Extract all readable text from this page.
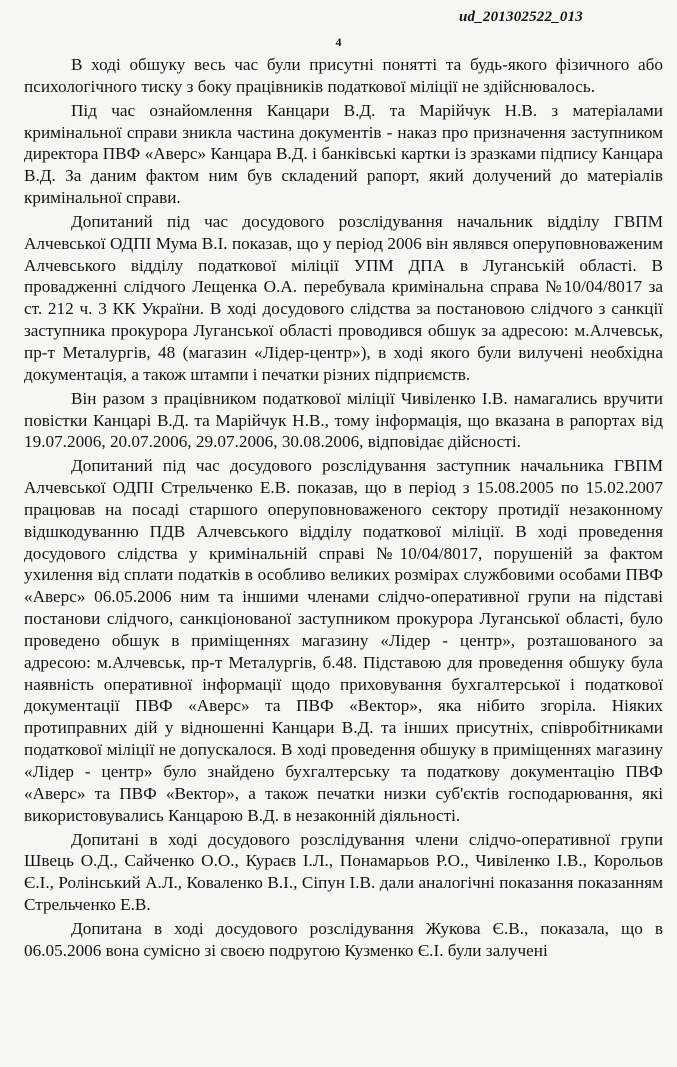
ud_201302522_013
4

В ході обшуку весь час були присутні понятті та будь-якого фізичного або психологічного тиску з боку працівників податкової міліції не здійснювалось.

Під час ознайомлення Канцари В.Д. та Марійчук Н.В. з матеріалами кримінальної справи зникла частина документів - наказ про призначення заступником директора ПВФ «Аверс» Канцара В.Д. і банківські картки із зразками підпису Канцара В.Д. За даним фактом ним був складений рапорт, який долучений до матеріалів кримінальної справи.

Допитаний під час досудового розслідування начальник відділу ГВПМ Алчевської ОДПІ Мума В.І. показав, що у період 2006 він являвся оперуповноваженим Алчевського відділу податкової міліції УПМ ДПА в Луганській області. В провадженні слідчого Лещенка О.А. перебувала кримінальна справа №10/04/8017 за ст. 212 ч. 3 КК України. В ході досудового слідства за постановою слідчого з санкції заступника прокурора Луганської області проводився обшук за адресою: м.Алчевськ, пр-т Металургів, 48 (магазин «Лідер-центр»), в ході якого були вилучені необхідна документація, а також штампи і печатки різних підприємств.

Він разом з працівником податкової міліції Чивіленко І.В. намагались вручити повістки Канцарі В.Д. та Марійчук Н.В., тому інформація, що вказана в рапортах від 19.07.2006, 20.07.2006, 29.07.2006, 30.08.2006, відповідає дійсності.

Допитаний під час досудового розслідування заступник начальника ГВПМ Алчевської ОДПІ Стрельченко Е.В. показав, що в період з 15.08.2005 по 15.02.2007 працював на посаді старшого оперуповноваженого сектору протидії незаконному відшкодуванню ПДВ Алчевського відділу податкової міліції. В ході проведення досудового слідства у кримінальній справі №10/04/8017, порушеній за фактом ухилення від сплати податків в особливо великих розмірах службовими особами ПВФ «Аверс» 06.05.2006 ним та іншими членами слідчо-оперативної групи на підставі постанови слідчого, санкціонованої заступником прокурора Луганської області, було проведено обшук в приміщеннях магазину «Лідер - центр», розташованого за адресою: м.Алчевськ, пр-т Металургів, б.48. Підставою для проведення обшуку була наявність оперативної інформації щодо приховування бухгалтерської і податкової документації ПВФ «Аверс» та ПВФ «Вектор», яка нібито згоріла. Ніяких протиправних дій у відношенні Канцари В.Д. та інших присутніх, співробітниками податкової міліції не допускалося. В ході проведення обшуку в приміщеннях магазину «Лідер - центр» було знайдено бухгалтерську та податкову документацію ПВФ «Аверс» та ПВФ «Вектор», а також печатки низки суб'єктів господарювання, які використовувались Канцарою В.Д. в незаконній діяльності.

Допитані в ході досудового розслідування члени слідчо-оперативної групи Швець О.Д., Сайченко О.О., Кураєв І.Л., Понамарьов Р.О., Чивіленко І.В., Корольов Є.І., Ролінський А.Л., Коваленко В.І., Сіпун І.В. дали аналогічні показання показанням Стрельченко Е.В.

Допитана в ході досудового розслідування Жукова Є.В., показала, що в 06.05.2006 вона сумісно зі своєю подругою Кузменко Є.І. були залучені
